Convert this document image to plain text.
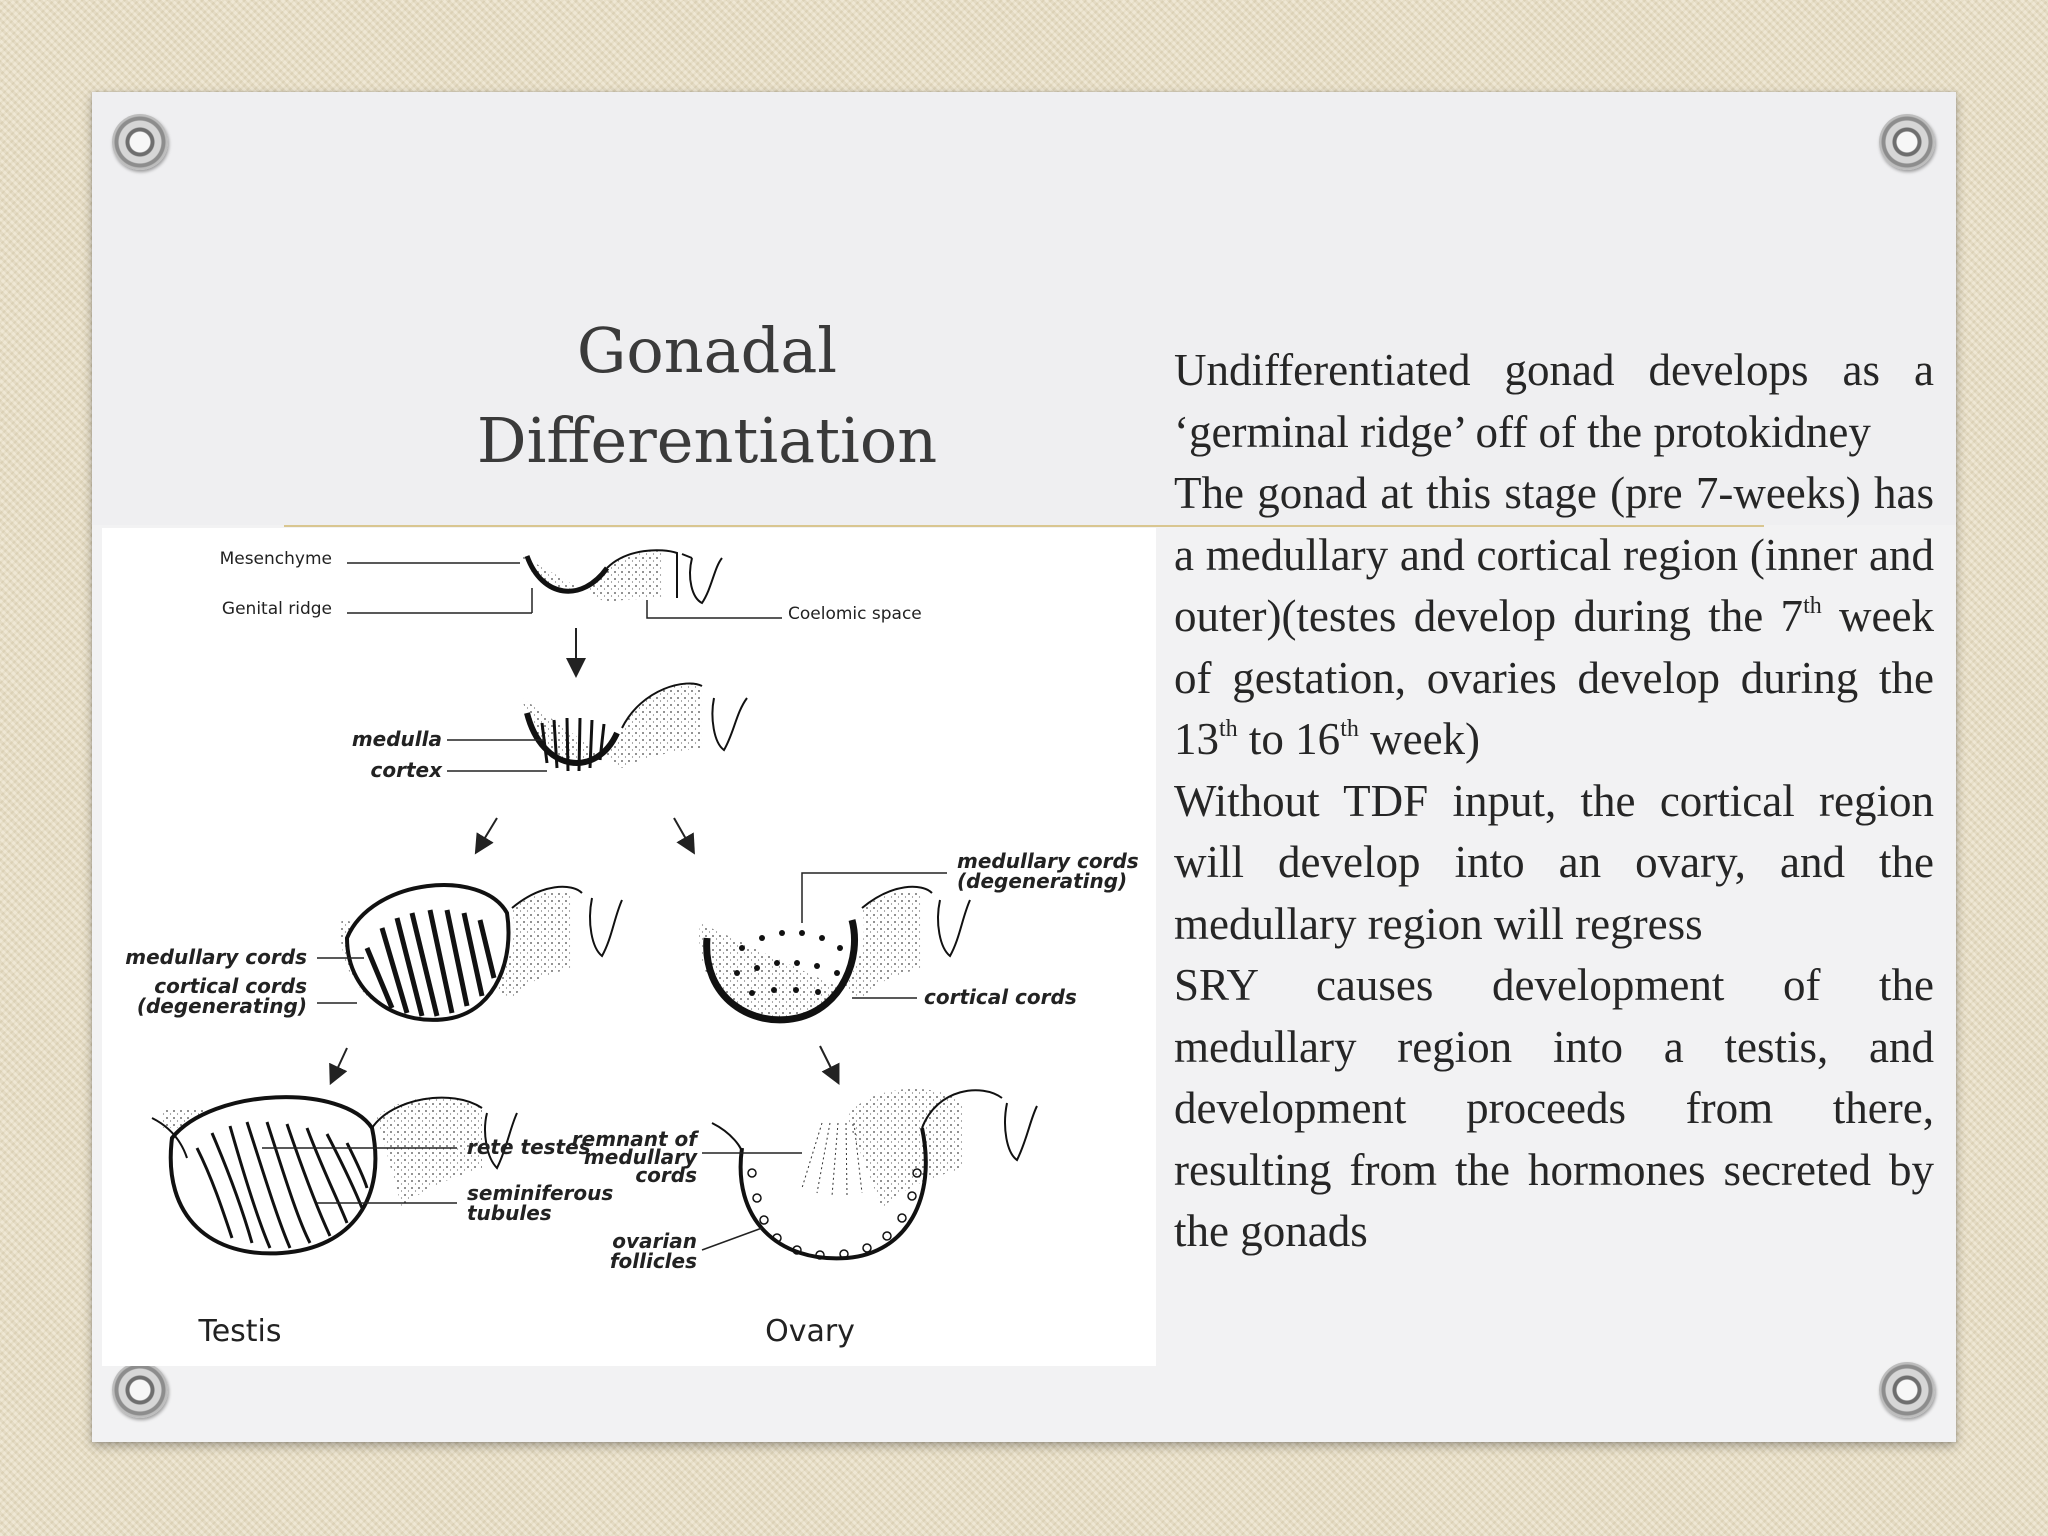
Gonadal
Differentiation
Mesenchyme
Genital ridge	Coelomic space
medulla
cortex
medullary cords
cortical cords
(degenerating)
medullary cords
(degenerating)
cortical cords
rete testes
seminiferous
tubules
remnant of
medullary
cords
ovarian
follicles
Testis	Ovary

Undifferentiated gonad develops as a ‘germinal ridge’ off of the protokidney

The gonad at this stage (pre 7-weeks) has a medullary and cortical region (inner and outer)(testes develop during the 7th week of gestation, ovaries develop during the 13th to 16th week)

Without TDF input, the cortical region will develop into an ovary, and the medullary region will regress

SRY causes development of the medullary region into a testis, and development proceeds from there, resulting from the hormones secreted by the gonads
